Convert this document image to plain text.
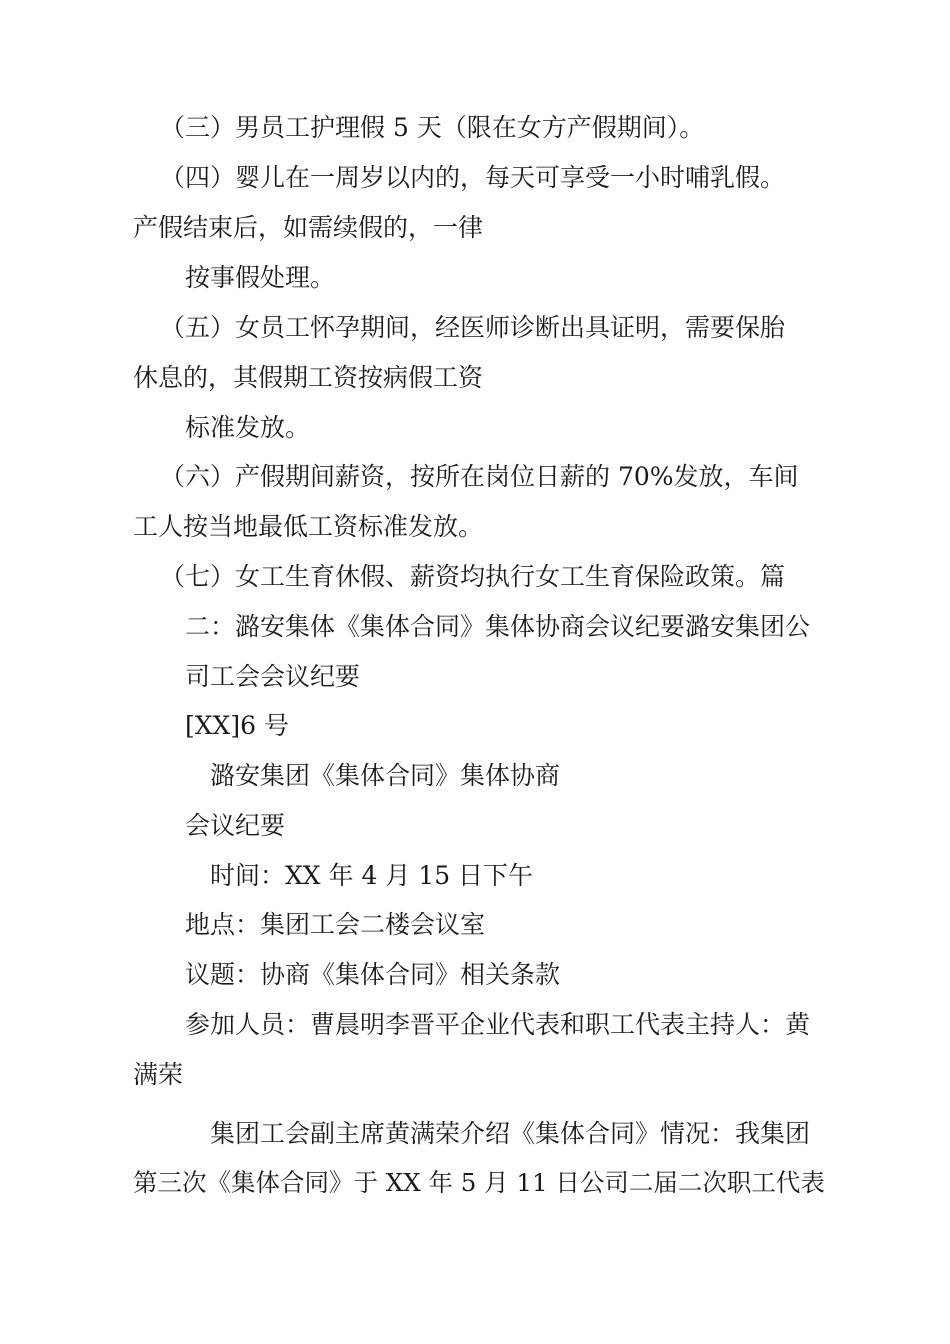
（三）男员工护理假 5 天（限在女方产假期间）。
（四）婴儿在一周岁以内的，每天可享受一小时哺乳假。
产假结束后，如需续假的，一律
按事假处理。
（五）女员工怀孕期间，经医师诊断出具证明，需要保胎
休息的，其假期工资按病假工资
标准发放。
（六）产假期间薪资，按所在岗位日薪的 70%发放，车间
工人按当地最低工资标准发放。
（七）女工生育休假、薪资均执行女工生育保险政策。篇
二：潞安集体《集体合同》集体协商会议纪要潞安集团公
司工会会议纪要
[XX]6 号
潞安集团《集体合同》集体协商
会议纪要
时间：XX 年 4 月 15 日下午
地点：集团工会二楼会议室
议题：协商《集体合同》相关条款
参加人员：曹晨明李晋平企业代表和职工代表主持人：黄
满荣
集团工会副主席黄满荣介绍《集体合同》情况：我集团
第三次《集体合同》于 XX 年 5 月 11 日公司二届二次职工代表
